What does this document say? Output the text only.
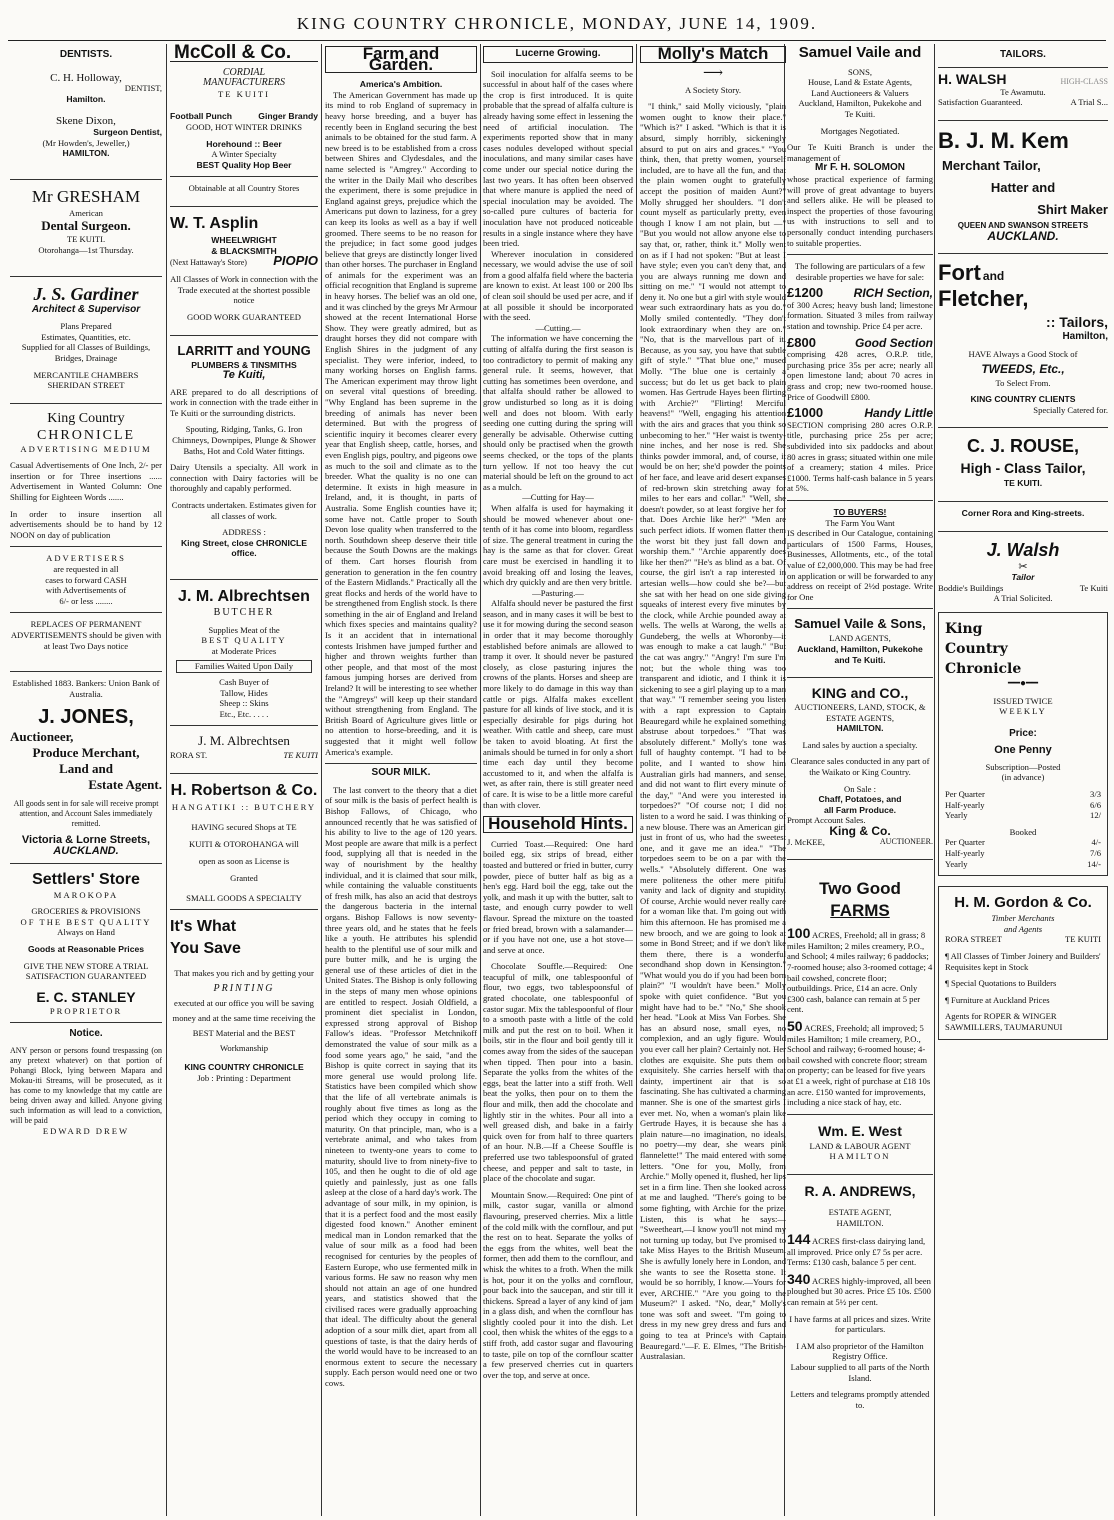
KING COUNTRY CHRONICLE, MONDAY, JUNE 14, 1909.
DENTISTS.
C. H. Holloway,
DENTIST,
Hamilton.
Skene Dixon,
Surgeon Dentist,
(Mr Howden's, Jeweller,)
HAMILTON.
Mr GRESHAM
American
Dental Surgeon.
TE KUITI.
Otorohanga—1st Thursday.
J. S. Gardiner
Architect & Supervisor
Plans Prepared
Estimates, Quantities, etc.
Supplied for all Classes of Buildings, Bridges, Drainage
MERCANTILE CHAMBERS
SHERIDAN STREET
King Country
CHRONICLE
ADVERTISING MEDIUM
Casual Advertisements of One Inch, 2/- per insertion or for Three insertions ...... Advertisement in Wanted Column: One Shilling for Eighteen Words .......
In order to insure insertion all advertisements should be to hand by 12 NOON on day of publication
ADVERTISERS
are requested in all
cases to forward CASH
with Advertisements of
6/- or less ........
REPLACES OF PERMANENT ADVERTISEMENTS should be given with at least Two Days notice
Established 1883. Bankers: Union Bank of Australia.
J. JONES,
Auctioneer,
Produce Merchant,
Land and
Estate Agent.
All goods sent in for sale will receive prompt attention, and Account Sales immediately remitted.
Victoria & Lorne Streets,
AUCKLAND.
Settlers' Store
MAROKOPA
GROCERIES & PROVISIONS
OF THE BEST QUALITY
Always on Hand
Goods at Reasonable Prices
GIVE THE NEW STORE A TRIAL
SATISFACTION GUARANTEED
E. C. STANLEY
PROPRIETOR
Notice.
ANY person or persons found trespassing (on any pretext whatever) on that portion of Pohangi Block, lying between Mapara and Mokau-iti Streams, will be prosecuted, as it has come to my knowledge that my cattle are being driven away and killed. Anyone giving such information as will lead to a conviction, will be paid
EDWARD DREW
McColl & Co.
CORDIAL
MANUFACTURERS
TE KUITI
Football Punch	Ginger Brandy
GOOD, HOT WINTER DRINKS
Horehound :: Beer
A Winter Specialty
BEST Quality Hop Beer
Obtainable at all Country Stores
W. T. Asplin
WHEELWRIGHT
& BLACKSMITH
(Next Hattaway's Store) PIOPIO
All Classes of Work in connection with the Trade executed at the shortest possible notice
GOOD WORK GUARANTEED
LARRITT and YOUNG
PLUMBERS & TINSMITHS
Te Kuiti,
ARE prepared to do all descriptions of work in connection with the trade either in Te Kuiti or the surrounding districts.
Spouting, Ridging, Tanks, G. Iron Chimneys, Downpipes, Plunge & Shower Baths, Hot and Cold Water fittings.
Dairy Utensils a specialty. All work in connection with Dairy factories will be thoroughly and capably performed.
Contracts undertaken. Estimates given for all classes of work.
ADDRESS :
King Street, close CHRONICLE office.
J. M. Albrechtsen
BUTCHER
Supplies Meat of the
BEST QUALITY
at Moderate Prices
Families Waited Upon Daily
Cash Buyer of
Tallow, Hides
Sheep :: Skins
Etc., Etc. . . . .
J. M. Albrechtsen
RORA ST.	TE KUITI
H. Robertson & Co.
HANGATIKI :: BUTCHERY
HAVING secured Shops at TE KUITI & OTOROHANGA will open as soon as License is Granted
SMALL GOODS A SPECIALTY
It's What
You Save
That makes you rich and by getting your
PRINTING
executed at our office you will be saving money and at the same time receiving the BEST Material and the BEST Workmanship
KING COUNTRY CHRONICLE
Job : Printing : Department
Farm and Garden.
America's Ambition.
The American Government has made up its mind to rob England of supremacy in heavy horse breeding, and a buyer has recently been in England securing the best animals to be obtained for the stud farm. A new breed is to be established from a cross between Shires and Clydesdales, and the name selected is "Amgrey." According to the writer in the Daily Mail who describes the experiment, there is some prejudice in England against greys, prejudice which the Americans put down to laziness, for a grey can keep its looks as well as a bay if well groomed. There seems to be no reason for the prejudice; in fact some good judges believe that greys are distinctly longer lived than other horses. The purchaser in England of animals for the experiment was an official recognition that England is supreme in heavy horses. The belief was an old one, and it was clinched by the greys Mr Armour showed at the recent International Horse Show. They were greatly admired, but as draught horses they did not compare with English Shires in the judgment of any specialist. They were inferior, indeed, to many working horses on English farms. The American experiment may throw light on several vital questions of breeding. "Why England has been supreme in the breeding of animals has never been determined. But with the progress of scientific inquiry it becomes clearer every year that English sheep, cattle, horses, and even English pigs, poultry, and pigeons owe as much to the soil and climate as to the breeder. What the quality is no one can determine. It exists in high measure in Ireland, and, it is thought, in parts of Australia. Some English counties have it; some have not. Cattle proper to South Devon lose quality when transferred to the north. Southdown sheep deserve their title because the South Downs are the makings of them. Cart horses flourish from generation to generation in the fen country of the Eastern Midlands." Practically all the great flocks and herds of the world have to be strengthened from English stock. Is there something in the air of England and Ireland which fixes species and maintains quality? Is it an accident that in international contests Irishmen have jumped further and higher and thrown weights further than other people, and that most of the most famous jumping horses are derived from Ireland? It will be interesting to see whether the "Amgreys" will keep up their standard without strengthening from England. The British Board of Agriculture gives little or no attention to horse-breeding, and it is suggested that it might well follow America's example.
SOUR MILK.
The last convert to the theory that a diet of sour milk is the basis of perfect health is Bishop Fallows, of Chicago, who announced recently that he was satisfied of his ability to live to the age of 120 years. Most people are aware that milk is a perfect food, supplying all that is needed in the way of nourishment by the healthy individual, and it is claimed that sour milk, while containing the valuable constituents of fresh milk, has also an acid that destroys the dangerous bacteria in the internal organs. Bishop Fallows is now seventy-three years old, and he states that he feels like a youth. He attributes his splendid health to the plentiful use of sour milk and pure butter milk, and he is urging the general use of these articles of diet in the United States. The Bishop is only following in the steps of many men whose opinions are entitled to respect. Josiah Oldfield, a prominent diet specialist in London, expressed strong approval of Bishop Fallow's ideas. "Professor Metchnikoff demonstrated the value of sour milk as a food some years ago," he said, "and the Bishop is quite correct in saying that its more general use would prolong life. Statistics have been compiled which show that the life of all vertebrate animals is roughly about five times as long as the period which they occupy in coming to maturity. On that principle, man, who is a vertebrate animal, and who takes from nineteen to twenty-one years to come to maturity, should live to from ninety-five to 105, and then he ought to die of old age quietly and painlessly, just as one falls asleep at the close of a hard day's work. The advantage of sour milk, in my opinion, is that it is a perfect food and the most easily digested food known." Another eminent medical man in London remarked that the value of sour milk as a food had been recognised for centuries by the peoples of Eastern Europe, who use fermented milk in various forms. He saw no reason why men should not attain an age of one hundred years, and statistics showed that the civilised races were gradually approaching that ideal. The difficulty about the general adoption of a sour milk diet, apart from all questions of taste, is that the dairy herds of the world would have to be increased to an enormous extent to secure the necessary supply. Each person would need one or two cows.
Lucerne Growing.
Soil inoculation for alfalfa seems to be successful in about half of the cases where the crop is first introduced. It is quite probable that the spread of alfalfa culture is already having some effect in lessening the need of artificial inoculation. The experiments reported show that in many cases nodules developed without special inoculations, and many similar cases have come under our special notice during the last two years. It has often been observed that where manure is applied the need of special inoculation may be avoided. The so-called pure cultures of bacteria for inoculation have not produced noticeable results in a single instance where they have been tried.
Wherever inoculation in considered necessary, we would advise the use of soil from a good alfalfa field where the bacteria are known to exist. At least 100 or 200 lbs of clean soil should be used per acre, and if at all possible it should be incorporated with the seed.
—Cutting.—
The information we have concerning the cutting of alfalfa during the first season is too contradictory to permit of making any general rule. It seems, however, that cutting has sometimes been overdone, and that alfalfa should rather be allowed to grow undisturbed so long as it is doing well and does not bloom. With early seeding one cutting during the spring will generally be advisable. Otherwise cutting should only be practised when the growth seems checked, or the tops of the plants turn yellow. If not too heavy the cut material should be left on the ground to act as a mulch.
—Cutting for Hay—
When alfalfa is used for haymaking it should be mowed whenever about one-tenth of it has come into bloom, regardless of size. The general treatment in curing the hay is the same as that for clover. Great care must be exercised in handling it to avoid breaking off and losing the leaves, which dry quickly and are then very brittle.
—Pasturing.—
Alfalfa should never be pastured the first season, and in many cases it will be best to use it for mowing during the second season in order that it may become thoroughly established before animals are allowed to tramp it over. It should never be pastured closely, as close pasturing injures the crowns of the plants. Horses and sheep are more likely to do damage in this way than cattle or pigs. Alfalfa makes excellent pasture for all kinds of live stock, and it is especially desirable for pigs during hot weather. With cattle and sheep, care must be taken to avoid bloating. At first the animals should be turned in for only a short time each day until they become accustomed to it, and when the alfalfa is wet, as after rain, there is still greater need of care. It is wise to be a little more careful than with clover.
Household Hints.
Curried Toast.—Required: One hard boiled egg, six strips of bread, either toasted and buttered or fried in butter, curry powder, piece of butter half as big as a hen's egg. Hard boil the egg, take out the yolk, and mash it up with the butter, salt to taste, and enough curry powder to well flavour. Spread the mixture on the toasted or fried bread, brown with a salamander—or if you have not one, use a hot stove—and serve at once.
Chocolate Souffle.—Required: One teacupful of milk, one tablespoonful of flour, two eggs, two tablespoonsful of grated chocolate, one tablespoonful of castor sugar. Mix the tablespoonful of flour to a smooth paste with a little of the cold milk and put the rest on to boil. When it boils, stir in the flour and boil gently till it comes away from the sides of the saucepan when tipped. Then pour into a basin. Separate the yolks from the whites of the eggs, beat the latter into a stiff froth. Well beat the yolks, then pour on to them the flour and milk, then add the chocolate and lightly stir in the whites. Pour all into a well greased dish, and bake in a fairly quick oven for from half to three quarters of an hour. N.B.—If a Cheese Souffle is preferred use two tablespoonsful of grated cheese, and pepper and salt to taste, in place of the chocolate and sugar.
Mountain Snow.—Required: One pint of milk, castor sugar, vanilla or almond flavouring, preserved cherries. Mix a little of the cold milk with the cornflour, and put the rest on to heat. Separate the yolks of the eggs from the whites, well beat the former, then add them to the cornflour, and whisk the whites to a froth. When the milk is hot, pour it on the yolks and cornflour, pour back into the saucepan, and stir till it thickens. Spread a layer of any kind of jam in a glass dish, and when the cornflour has slightly cooled pour it into the dish. Let cool, then whisk the whites of the eggs to a stiff froth, add castor sugar and flavouring to taste, pile on top of the cornflour scatter a few preserved cherries cut in quarters over the top, and serve at once.
Molly's Match
⟶
A Society Story.
"I think," said Molly viciously, "plain women ought to know their place." "Which is?" I asked. "Which is that it is absurd, simply horribly, sickeningly absurd to put on airs and graces." "You think, then, that pretty women, yourself included, are to have all the fun, and that the plain women ought to gratefully accept the position of maiden Aunt?" Molly shrugged her shoulders. "I don't count myself as particularly pretty, even though I know I am not plain, but —" "But you would not allow anyone else to say that, or, rather, think it." Molly went on as if I had not spoken: "But at least I have style; even you can't deny that, and you are always running me down and sitting on me." "I would not attempt to deny it. No one but a girl with style would wear such extraordinary hats as you do." Molly smiled contentedly. "They don't look extraordinary when they are on." "No, that is the marvellous part of it. Because, as you say, you have that subtle gift of style." "That blue one," mused Molly. "The blue one is certainly a success; but do let us get back to plain women. Has Gertrude Hayes been flirting with Archie?" "Flirting! Merciful heavens!" "Well, engaging his attention with the airs and graces that you think so unbecoming to her." "Her waist is twenty-nine inches, and her nose is red. She thinks powder immoral, and, of course, it would be on her; she'd powder the points of her face, and leave arid desert expanses of red-brown skin stretching away for miles to her ears and collar." "Well, she doesn't powder, so at least forgive her for that. Does Archie like her?" "Men are such perfect idiots. If women flatter them the worst bit they just fall down and worship them." "Archie apparently does like her then?" "He's as blind as a bat. Of course, the girl isn't a rap interested in artesian wells—how could she be?—but she sat with her head on one side giving squeaks of interest every five minutes by the clock, while Archie pounded away at wells. The wells at Warong, the wells at Gundeberg, the wells at Whoronby—it was enough to make a cat laugh." "But the cat was angry." "Angry! I'm sure I'm not; but the whole thing was too transparent and idiotic, and I think it is sickening to see a girl playing up to a man that way." "I remember seeing you listen with a rapt expression to Captain Beauregard while he explained something abstruse about torpedoes." "That was absolutely different." Molly's tone was full of haughty contempt. "I had to be polite, and I wanted to show him Australian girls had manners, and sense, and did not want to flirt every minute of the day," "And were you interested in torpedoes?" "Of course not; I did not listen to a word he said. I was thinking of a new blouse. There was an American girl just in front of us, who had the sweetest one, and it gave me an idea." "The torpedoes seem to be on a par with the wells." "Absolutely different. One was mere politeness the other mere pitiful vanity and lack of dignity and stupidity. Of course, Archie would never really care for a woman like that. I'm going out with him this afternoon. He has promised me a new brooch, and we are going to look at some in Bond Street; and if we don't like them there, there is a wonderful secondhand shop down in Kensington." "What would you do if you had been born plain?" "I wouldn't have been." Molly spoke with quiet confidence. "But you might have had to be." "No," She shook her head. "Look at Miss Van Forbes. She has an absurd nose, small eyes, no complexion, and an ugly figure. Would you ever call her plain? Certainly not. Her clothes are exquisite. She puts them on exquisitely. She carries herself with that dainty, impertinent air that is so fascinating. She has cultivated a charming manner. She is one of the smartest girls I ever met. No, when a woman's plain like Gertrude Hayes, it is because she has a plain nature—no imagination, no ideals, no poetry—my dear, she wears pink flannelette!" The maid entered with some letters. "One for you, Molly, from Archie." Molly opened it, flushed, her lips set in a firm line. Then she looked across at me and laughed. "There's going to be some fighting, with Archie for the prize. Listen, this is what he says:— "Sweetheart,—I know you'll not mind my not turning up today, but I've promised to take Miss Hayes to the British Museum. She is awfully lonely here in London, and she wants to see the Rosetta stone. It would be so horribly, I know.—Yours for ever, ARCHIE." "Are you going to the Museum?" I asked. "No, dear," Molly's tone was soft and sweet. "I'm going to dress in my new grey dress and furs and going to tea at Prince's with Captain Beauregard."—F. E. Elmes, "The British-Australasian.
Samuel Vaile and
SONS,
House, Land & Estate Agents,
Land Auctioneers & Valuers
Auckland, Hamilton, Pukekohe and
Te Kuiti.
Mortgages Negotiated.
Our Te Kuiti Branch is under the management of
Mr F. H. SOLOMON
whose practical experience of farming will prove of great advantage to buyers and sellers alike. He will be pleased to inspect the properties of those favouring us with instructions to sell and to personally conduct intending purchasers to suitable properties.
The following are particulars of a few desirable properties we have for sale:
£1200	RICH Section,
of 300 Acres; heavy bush land; limestone formation. Situated 3 miles from railway station and township. Price £4 per acre.
£800	Good Section
comprising 428 acres, O.R.P. title, purchasing price 35s per acre; nearly all open limestone land; about 70 acres in grass and crop; new two-roomed house. Price of Goodwill £800.
£1000	Handy Little
SECTION comprising 280 acres O.R.P. title, purchasing price 25s per acre; subdivided into six paddocks and about 80 acres in grass; situated within one mile of a creamery; station 4 miles. Price £1000. Terms half-cash balance in 5 years at 5%.
TO BUYERS!
The Farm You Want
IS described in Our Catalogue, containing particulars of 1500 Farms, Houses, Businesses, Allotments, etc., of the total value of £2,000,000. This may be had free on application or will be forwarded to any address on receipt of 2½d postage. Write for One
Samuel Vaile & Sons,
LAND AGENTS,
Auckland, Hamilton, Pukekohe
and Te Kuiti.
KING and CO.,
AUCTIONEERS, LAND, STOCK, & ESTATE AGENTS,
HAMILTON.
Land sales by auction a specialty.
Clearance sales conducted in any part of the Waikato or King Country.
On Sale :
Chaff, Potatoes, and
all Farm Produce.
Prompt Account Sales.
King & Co.
J. McKEE,	AUCTIONEER.
Two Good
FARMS
100 ACRES, Freehold; all in grass; 8 miles Hamilton; 2 miles creamery, P.O., and School; 4 miles railway; 6 paddocks; 7-roomed house; also 3-roomed cottage; 4 bail cowshed, concrete floor; outbuildings. Price, £14 an acre. Only £300 cash, balance can remain at 5 per cent.
50 ACRES, Freehold; all improved; 5 miles Hamilton; 1 mile creamery, P.O., School and railway; 6-roomed house; 4-bail cowshed with concrete floor; stream on property; can be leased for five years at £1 a week, right of purchase at £18 10s an acre. £150 wanted for improvements, including a nice stack of hay, etc.
Wm. E. West
LAND & LABOUR AGENT
HAMILTON
R. A. ANDREWS,
ESTATE AGENT,
HAMILTON.
144 ACRES first-class dairying land, all improved. Price only £7 5s per acre. Terms: £130 cash, balance 5 per cent.
340 ACRES highly-improved, all been ploughed but 30 acres. Price £5 10s. £500 can remain at 5½ per cent.
I have farms at all prices and sizes. Write for particulars.
I AM also proprietor of the Hamilton Registry Office.
Labour supplied to all parts of the North Island.
Letters and telegrams promptly attended to.
TAILORS.
H. WALSH	HIGH-CLASS
Te Awamutu.
Satisfaction Guaranteed.	A Trial S...
B. J. M. Kem
Merchant Tailor,
Hatter and
Shirt Maker
QUEEN AND SWANSON STREETS
AUCKLAND.
Fort and
Fletcher,
:: Tailors,
Hamilton,
HAVE Always a Good Stock of
TWEEDS, Etc.,
To Select From.
KING COUNTRY CLIENTS
Specially Catered for.
C. J. ROUSE,
High - Class Tailor,
TE KUITI.
Corner Rora and King-streets.
J. Walsh
✂
Tailor
Boddie's Buildings	Te Kuiti
A Trial Solicited.
King
Country
Chronicle
━━●━━
ISSUED TWICE
WEEKLY
Price:
One Penny
Subscription—Posted
(in advance)
Per Quarter	3/3
Half-yearly	6/6
Yearly	12/
Booked
Per Quarter	4/-
Half-yearly	7/6
Yearly	14/-
H. M. Gordon & Co.
Timber Merchants
and Agents
RORA STREET	TE KUITI
¶ All Classes of Timber Joinery and Builders' Requisites kept in Stock
¶ Special Quotations to Builders
¶ Furniture at Auckland Prices
Agents for ROPER & WINGER SAWMILLERS, TAUMARUNUI
